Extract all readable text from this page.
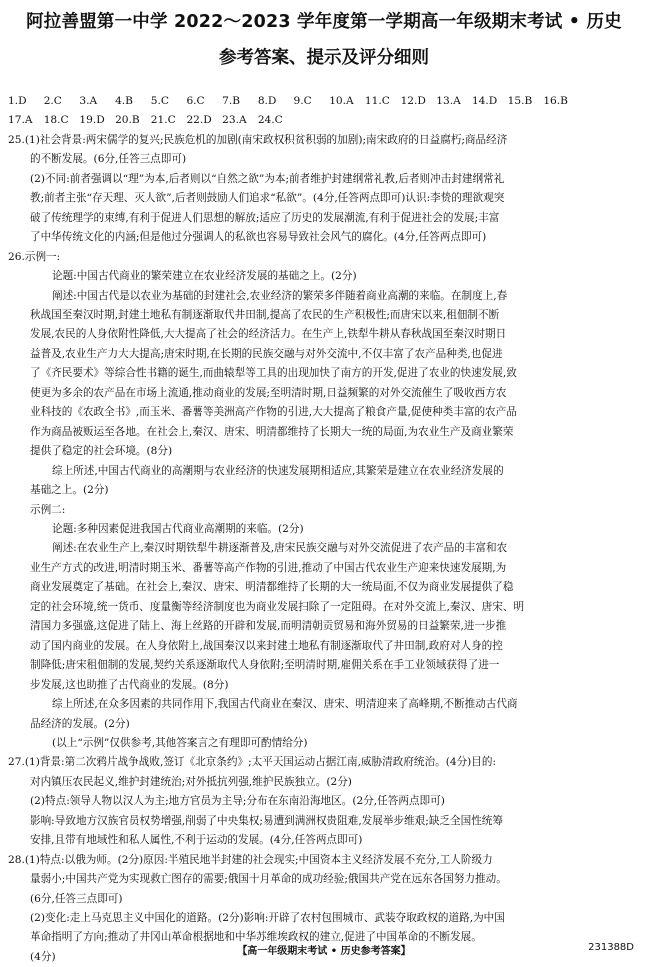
阿拉善盟第一中学 2022～2023 学年度第一学期高一年级期末考试 • 历史
参考答案、提示及评分细则

1.D	2.C	3.A	4.B	5.C	6.C	7.B	8.D	9.C	10.A	11.C	12.D 13.A	14.D 15.B	16.B

17.A	18.C	19.D 20.B	21.C	22.D 23.A	24.C

25.(1)社会背景:两宋儒学的复兴;民族危机的加剧(南宋政权积贫积弱的加剧);南宋政府的日益腐朽;商品经济

的不断发展。(6分,任答三点即可)

(2)不同:前者强调以“理”为本,后者则以“自然之欲”为本;前者维护封建纲常礼教,后者则冲击封建纲常礼

教;前者主张“存天理、灭人欲”,后者则鼓励人们追求“私欲”。(4分,任答两点即可)认识:李贽的理欲观突

破了传统理学的束缚,有利于促进人们思想的解放;适应了历史的发展潮流,有利于促进社会的发展;丰富

了中华传统文化的内涵;但是他过分强调人的私欲也容易导致社会风气的腐化。(4分,任答两点即可)

26.示例一:

论题:中国古代商业的繁荣建立在农业经济发展的基础之上。(2分)

阐述:中国古代是以农业为基础的封建社会,农业经济的繁荣多伴随着商业高潮的来临。在制度上,春

秋战国至秦汉时期,封建土地私有制逐渐取代井田制,提高了农民的生产积极性;而唐宋以来,租佃制不断

发展,农民的人身依附性降低,大大提高了社会的经济活力。在生产上,铁犁牛耕从春秋战国至秦汉时期日

益普及,农业生产力大大提高;唐宋时期,在长期的民族交融与对外交流中,不仅丰富了农产品种类,也促进

了《齐民要术》等综合性书籍的诞生,而曲辕犁等工具的出现加快了南方的开发,促进了农业的快速发展,致

使更为多余的农产品在市场上流通,推动商业的发展;至明清时期,日益频繁的对外交流催生了吸收西方农

业科技的《农政全书》,而玉米、番薯等美洲高产作物的引进,大大提高了粮食产量,促使种类丰富的农产品

作为商品被贩运至各地。在社会上,秦汉、唐宋、明清都维持了长期大一统的局面,为农业生产及商业繁荣

提供了稳定的社会环境。(8分)

综上所述,中国古代商业的高潮期与农业经济的快速发展期相适应,其繁荣是建立在农业经济发展的

基础之上。(2分)

示例二:

论题:多种因素促进我国古代商业高潮期的来临。(2分)

阐述:在农业生产上,秦汉时期铁犁牛耕逐渐普及,唐宋民族交融与对外交流促进了农产品的丰富和农

业生产方式的改进,明清时期玉米、番薯等高产作物的引进,推动了中国古代农业生产迎来快速发展期,为

商业发展奠定了基础。在社会上,秦汉、唐宋、明清都维持了长期的大一统局面,不仅为商业发展提供了稳

定的社会环境,统一货币、度量衡等经济制度也为商业发展扫除了一定阻碍。在对外交流上,秦汉、唐宋、明

清国力多强盛,这促进了陆上、海上丝路的开辟和发展,而明清朝贡贸易和海外贸易的日益繁荣,进一步推

动了国内商业的发展。在人身依附上,战国秦汉以来封建土地私有制逐渐取代了井田制,政府对人身的控

制降低;唐宋租佃制的发展,契约关系逐渐取代人身依附;至明清时期,雇佣关系在手工业领域获得了进一

步发展,这也助推了古代商业的发展。(8分)

综上所述,在众多因素的共同作用下,我国古代商业在秦汉、唐宋、明清迎来了高峰期,不断推动古代商

品经济的发展。(2分)

(以上“示例”仅供参考,其他答案言之有理即可酌情给分)

27.(1)背景:第二次鸦片战争战败,签订《北京条约》;太平天国运动占据江南,威胁清政府统治。(4分)目的:

对内镇压农民起义,维护封建统治;对外抵抗列强,维护民族独立。(2分)

(2)特点:领导人物以汉人为主;地方官员为主导;分布在东南沿海地区。(2分,任答两点即可)

影响:导致地方汉族官员权势增强,削弱了中央集权;易遭到满洲权贵阻难,发展举步维艰;缺乏全国性统筹

安排,且带有地域性和私人属性,不利于运动的发展。(4分,任答两点即可)

28.(1)特点:以俄为师。(2分)原因:半殖民地半封建的社会现实;中国资本主义经济发展不充分,工人阶级力

量弱小;中国共产党为实现救亡图存的需要;俄国十月革命的成功经验;俄国共产党在远东各国努力推动。

(6分,任答三点即可)

(2)变化:走上马克思主义中国化的道路。(2分)影响:开辟了农村包围城市、武装夺取政权的道路,为中国

革命指明了方向;推动了井冈山革命根据地和中华苏维埃政权的建立,促进了中国革命的不断发展。

(4分)	【高一年级期末考试 • 历史参考答案】	231388D
